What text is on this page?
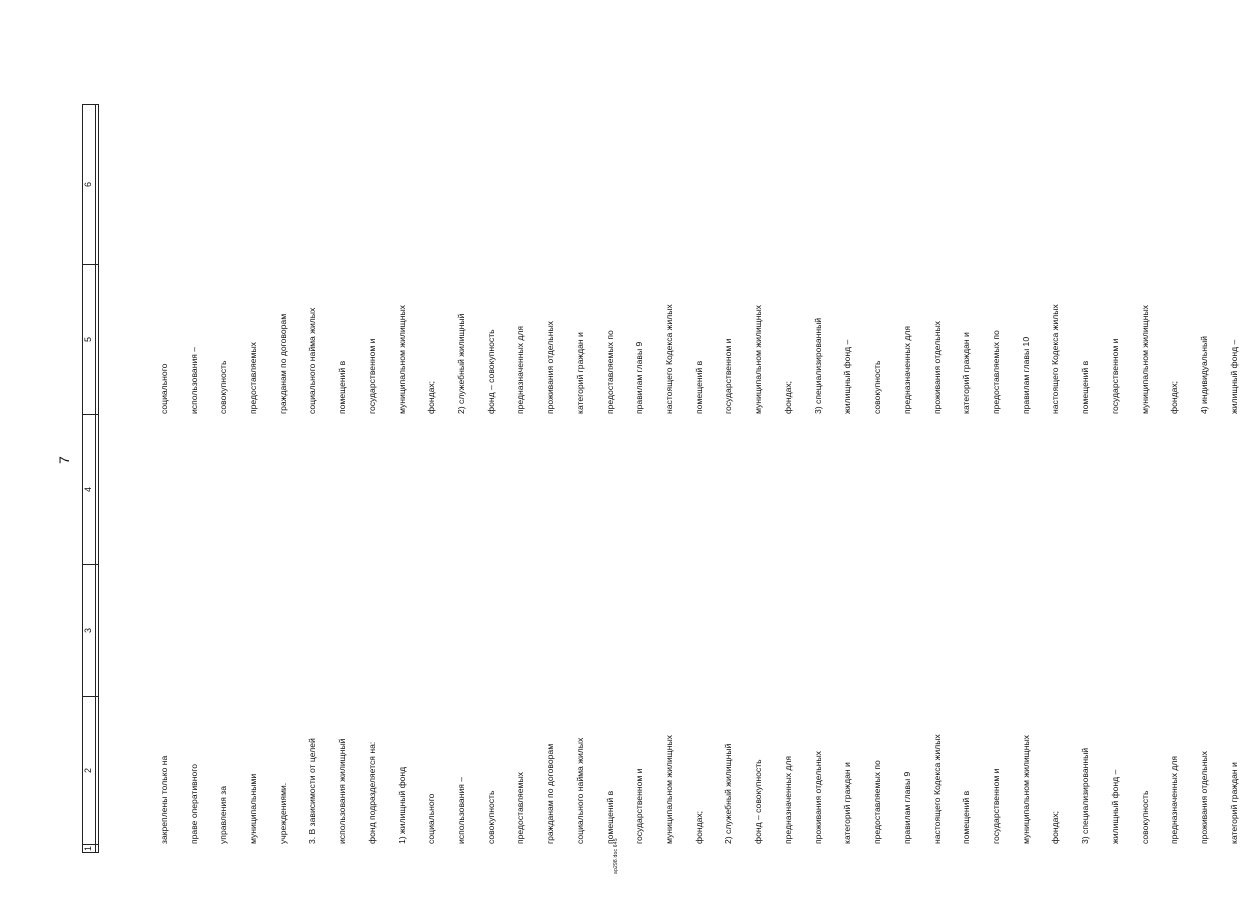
7
1	2	3	4	5	6

закреплены только на

праве оперативного

управления за

муниципальными

учреждениями.

3. В зависимости от целей

использования жилищный

фонд подразделяется на:

1) жилищный фонд

социального

использования –

совокупность

предоставляемых

гражданам по договорам

социального найма жилых

помещений в

государственном и

муниципальном жилищных

фондах;

2) служебный жилищный

фонд – совокупность

предназначенных для

проживания отдельных

категорий граждан и

предоставляемых по

правилам главы 9

настоящего Кодекса жилых

помещений в

государственном и

муниципальном жилищных

фондах;

3) специализированный

жилищный фонд –

совокупность

предназначенных для

проживания отдельных

категорий граждан и

социального

использования –

совокупность

предоставляемых

гражданам по договорам

социального найма жилых

помещений в

государственном и

муниципальном жилищных

фондах;

2) служебный жилищный

фонд – совокупность

предназначенных для

проживания отдельных

категорий граждан и

предоставляемых по

правилам главы 9

настоящего Кодекса жилых

помещений в

государственном и

муниципальном жилищных

фондах;

3) специализированный

жилищный фонд –

совокупность

предназначенных для

проживания отдельных

категорий граждан и

предоставляемых по

правилам главы 10

настоящего Кодекса жилых

помещений в

государственном и

муниципальном жилищных

фондах;

4) индивидуальный

жилищный фонд –

ap298.doc 645
